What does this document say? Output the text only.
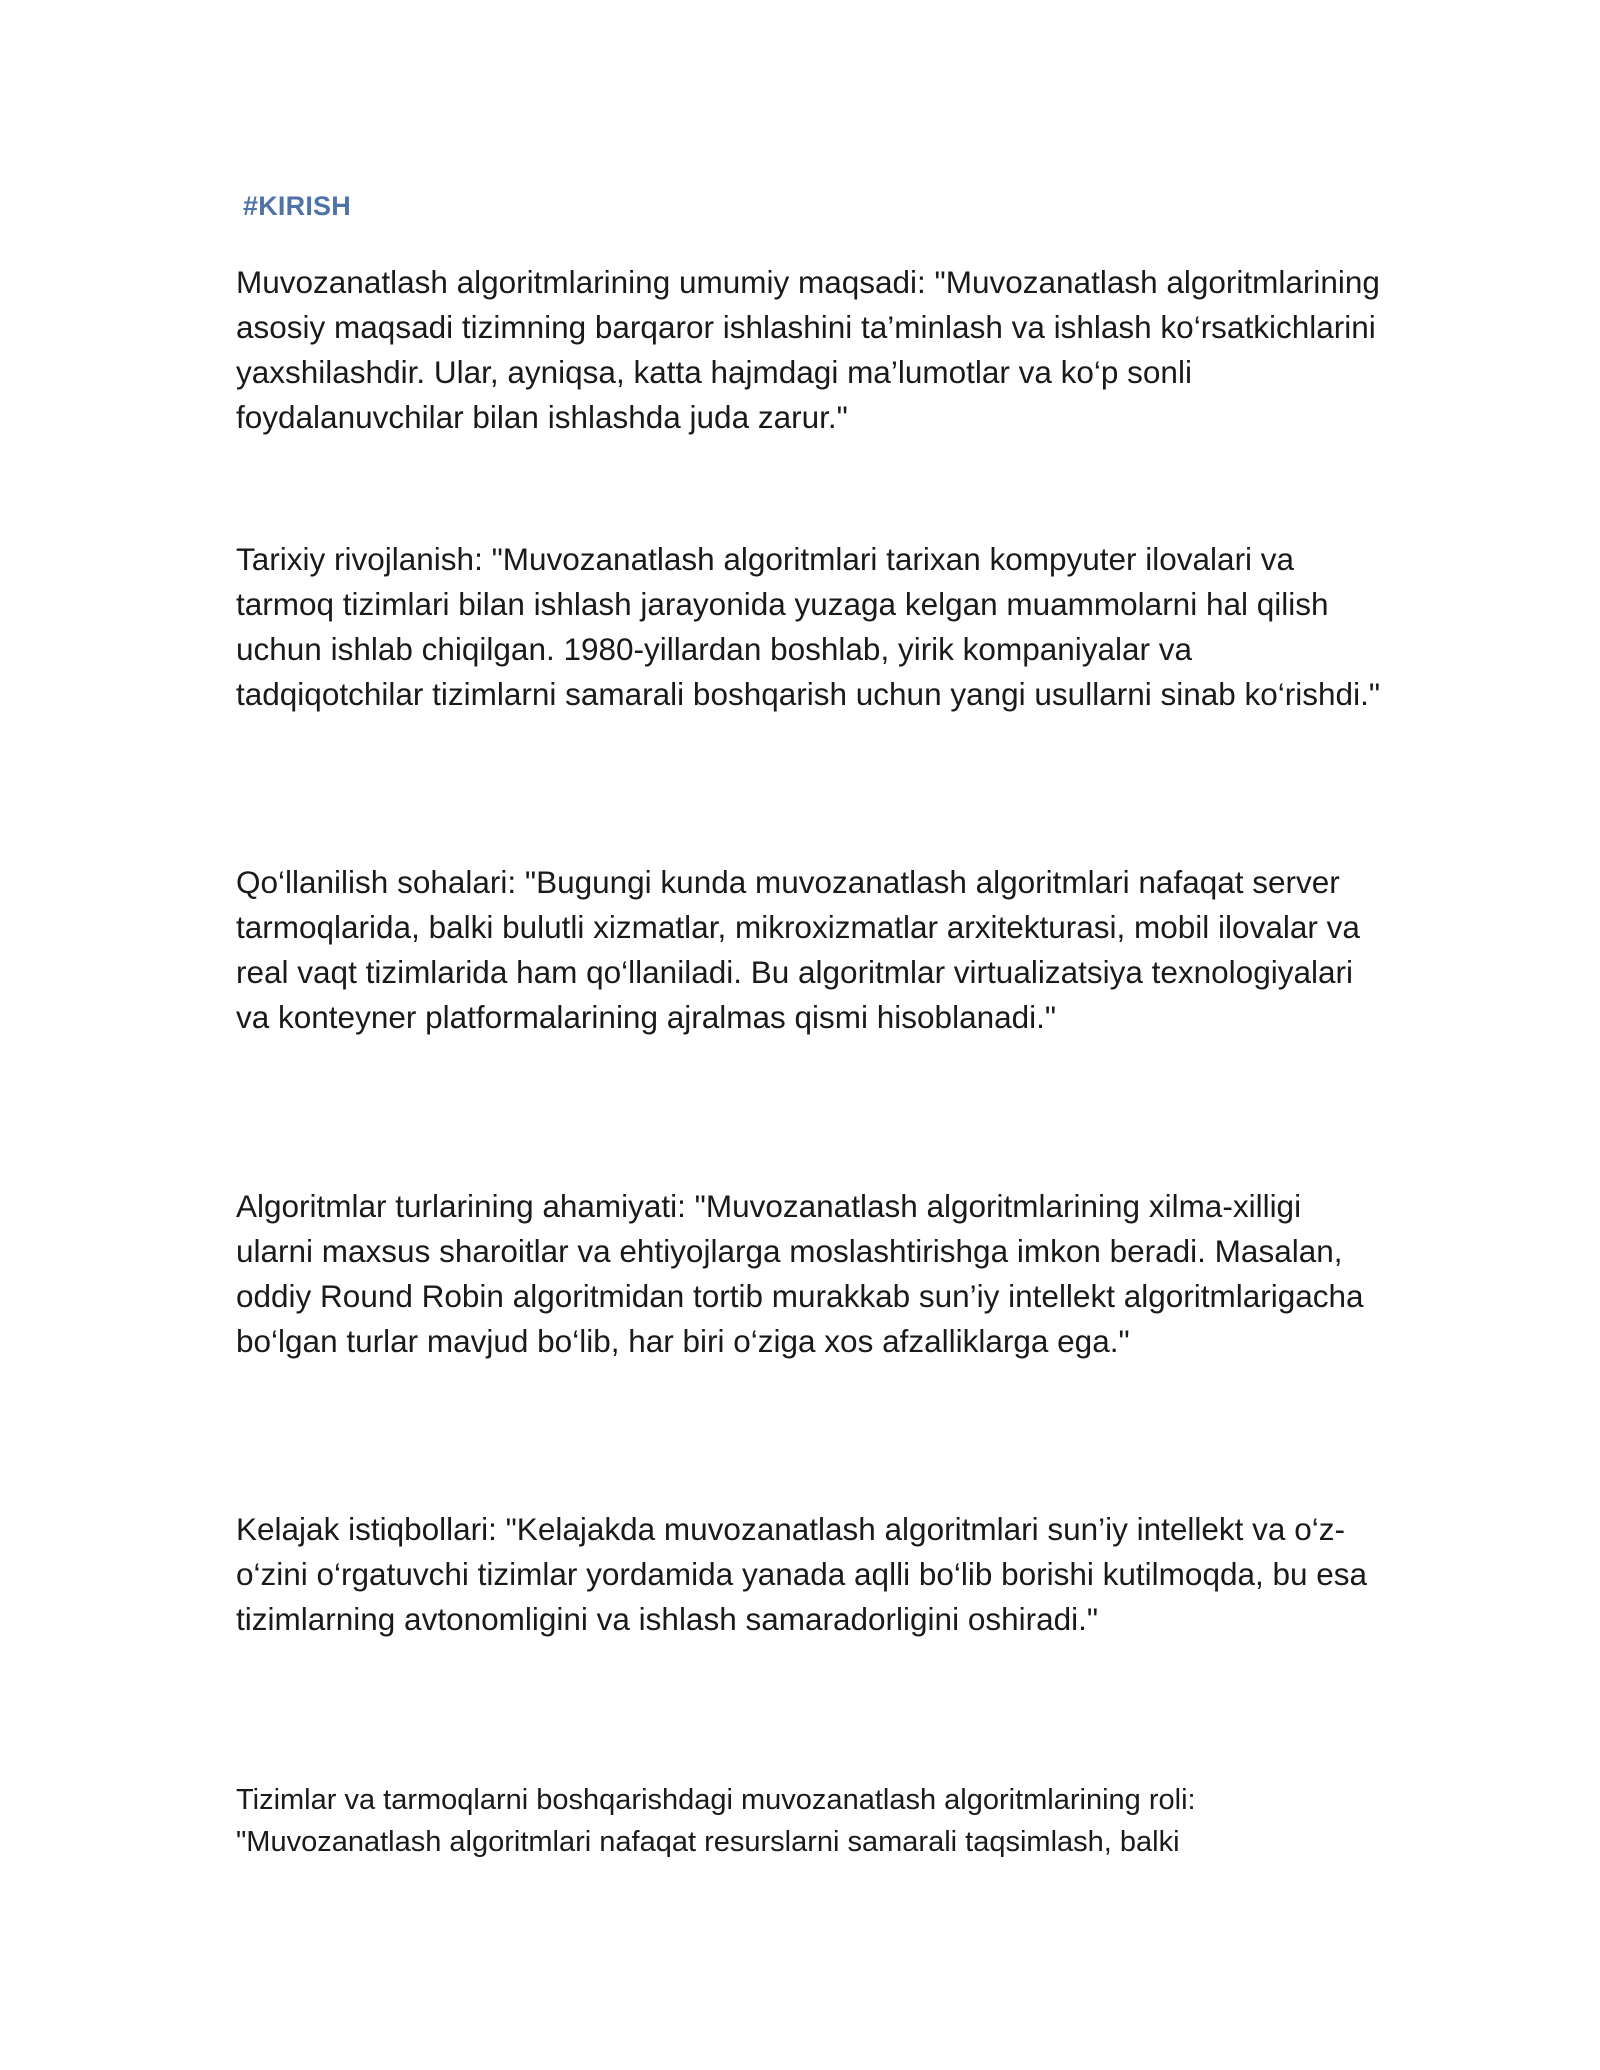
#KIRISH

Muvozanatlash algoritmlarining umumiy maqsadi: "Muvozanatlash algoritmlarining asosiy maqsadi tizimning barqaror ishlashini ta’minlash va ishlash ko‘rsatkichlarini yaxshilashdir. Ular, ayniqsa, katta hajmdagi ma’lumotlar va ko‘p sonli foydalanuvchilar bilan ishlashda juda zarur."

Tarixiy rivojlanish: "Muvozanatlash algoritmlari tarixan kompyuter ilovalari va tarmoq tizimlari bilan ishlash jarayonida yuzaga kelgan muammolarni hal qilish uchun ishlab chiqilgan. 1980-yillardan boshlab, yirik kompaniyalar va tadqiqotchilar tizimlarni samarali boshqarish uchun yangi usullarni sinab ko‘rishdi."

Qo‘llanilish sohalari: "Bugungi kunda muvozanatlash algoritmlari nafaqat server tarmoqlarida, balki bulutli xizmatlar, mikroxizmatlar arxitekturasi, mobil ilovalar va real vaqt tizimlarida ham qo‘llaniladi. Bu algoritmlar virtualizatsiya texnologiyalari va konteyner platformalarining ajralmas qismi hisoblanadi."

Algoritmlar turlarining ahamiyati: "Muvozanatlash algoritmlarining xilma-xilligi ularni maxsus sharoitlar va ehtiyojlarga moslashtirishga imkon beradi. Masalan, oddiy Round Robin algoritmidan tortib murakkab sun’iy intellekt algoritmlarigacha bo‘lgan turlar mavjud bo‘lib, har biri o‘ziga xos afzalliklarga ega."

Kelajak istiqbollari: "Kelajakda muvozanatlash algoritmlari sun’iy intellekt va o‘z-o‘zini o‘rgatuvchi tizimlar yordamida yanada aqlli bo‘lib borishi kutilmoqda, bu esa tizimlarning avtonomligini va ishlash samaradorligini oshiradi."

Tizimlar va tarmoqlarni boshqarishdagi muvozanatlash algoritmlarining roli: "Muvozanatlash algoritmlari nafaqat resurslarni samarali taqsimlash, balki
